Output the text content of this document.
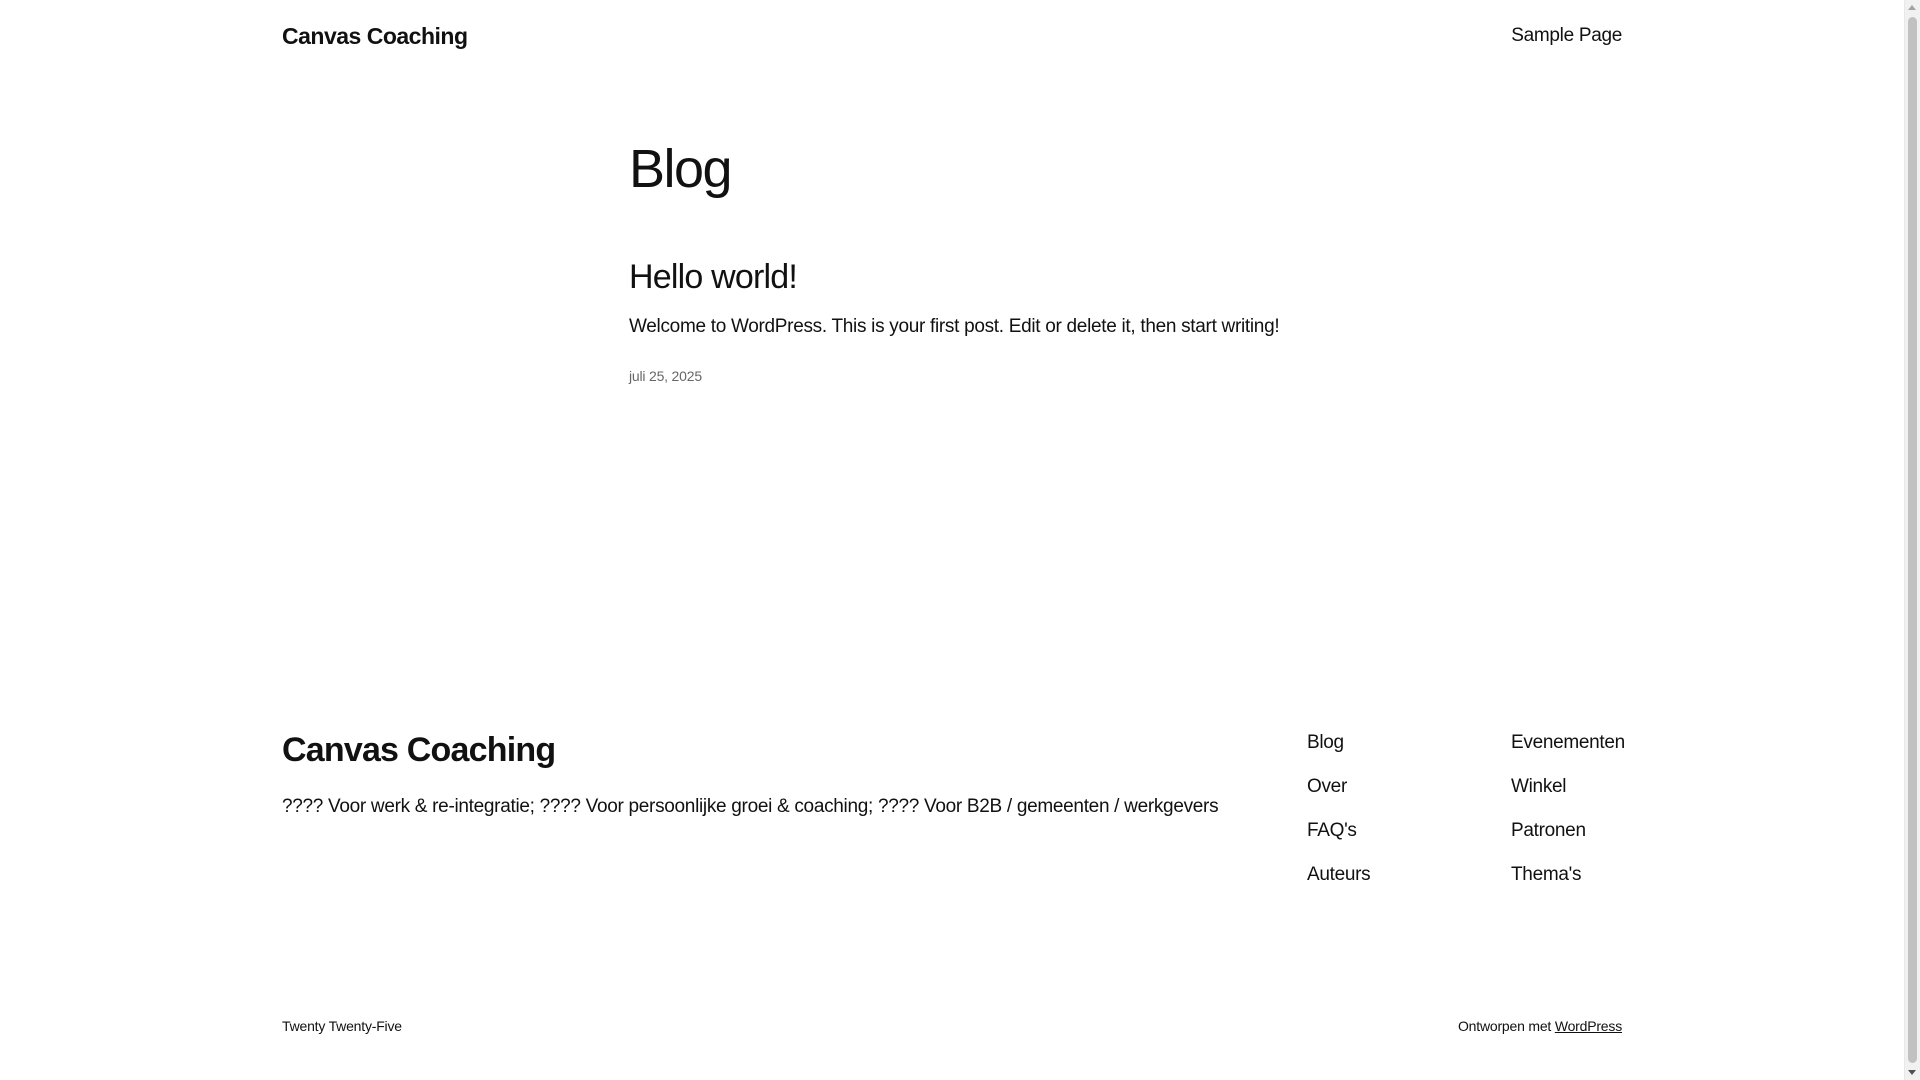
Canvas Coaching	Sample Page
Blog
Hello world!

Welcome to WordPress. This is your first post. Edit or delete it, then start writing!

juli 25, 2025
Canvas Coaching
???? Voor werk & re-integratie; ???? Voor persoonlijke groei & coaching; ???? Voor B2B / gemeenten / werkgevers
Blog
Over
FAQ's
Auteurs
Evenementen
Winkel
Patronen
Thema's
Twenty Twenty-Five	Ontworpen met WordPress
